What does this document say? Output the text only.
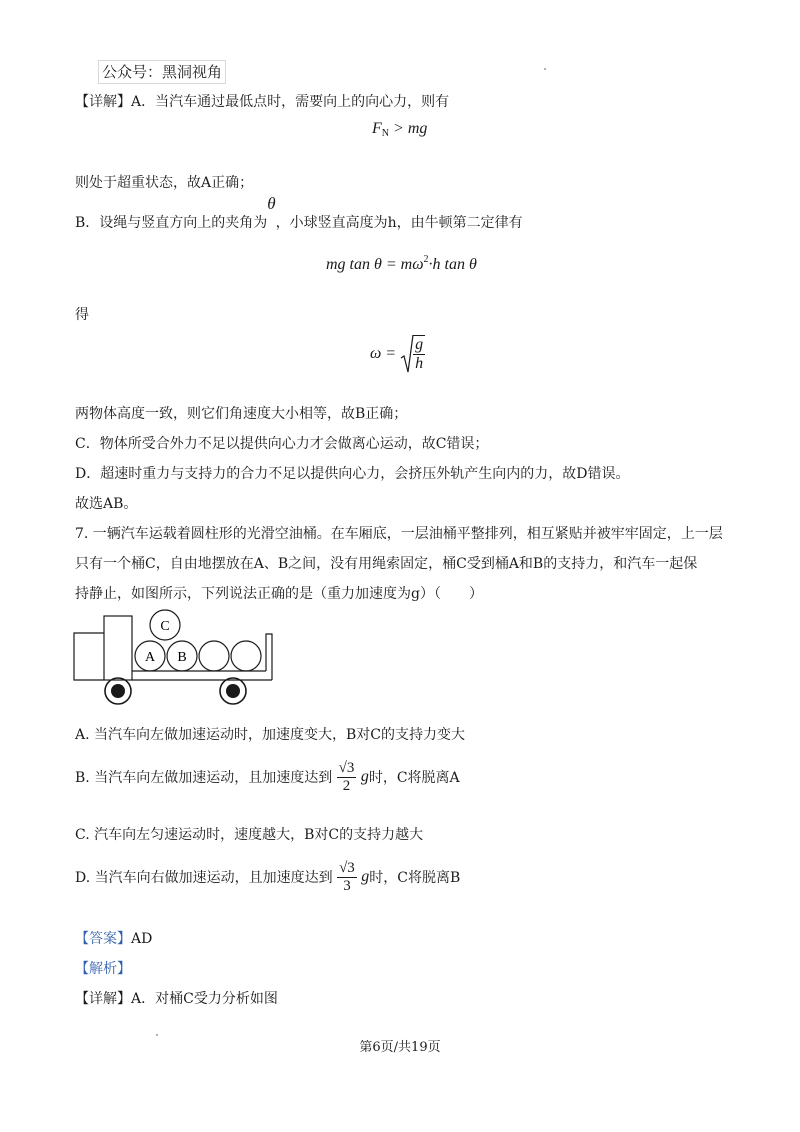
公众号：黑洞视角
【详解】A．当汽车通过最低点时，需要向上的向心力，则有
$F_N$ > mg
则处于超重状态，故A正确；
B．设绳与竖直方向上的夹角为θ，小球竖直高度为h，由牛顿第二定律有
mg $\tan \theta = m\omega^2\cdot h$ tan θ
得
$\omega = \frac{g}{h}$
两物体高度一致，则它们角速度大小相等，故B正确；
C．物体所受合外力不足以提供向心力才会做离心运动，故C错误；
D．超速时重力与支持力的合力不足以提供向心力，会挤压外轨产生向内的力，故D错误。
故选AB。
7. 一辆汽车运载着圆柱形的光滑空油桶。在车厢底，一层油桶平整排列，相互紧贴并被牢牢固定，上一层
只有一个桶C，自由地摆放在A、B之间，没有用绳索固定，桶C受到桶A和B的支持力，和汽车一起保
持静止，如图所示，下列说法正确的是（重力加速度为g）（　　）
C
A B
A. 当汽车向左做加速运动时，加速度变大，B对C的支持力变大
B. 当汽车向左做加速运动，且加速度达到 $\frac{√3}{2}$ g时，C将脱离A
C. 汽车向左匀速运动时，速度越大，B对C的支持力越大
D. 当汽车向右做加速运动，且加速度达到 $\frac{√3}{3}$ g时，C将脱离B
【答案】AD
【解析】
【详解】A．对桶C受力分析如图
第6页/共19页
